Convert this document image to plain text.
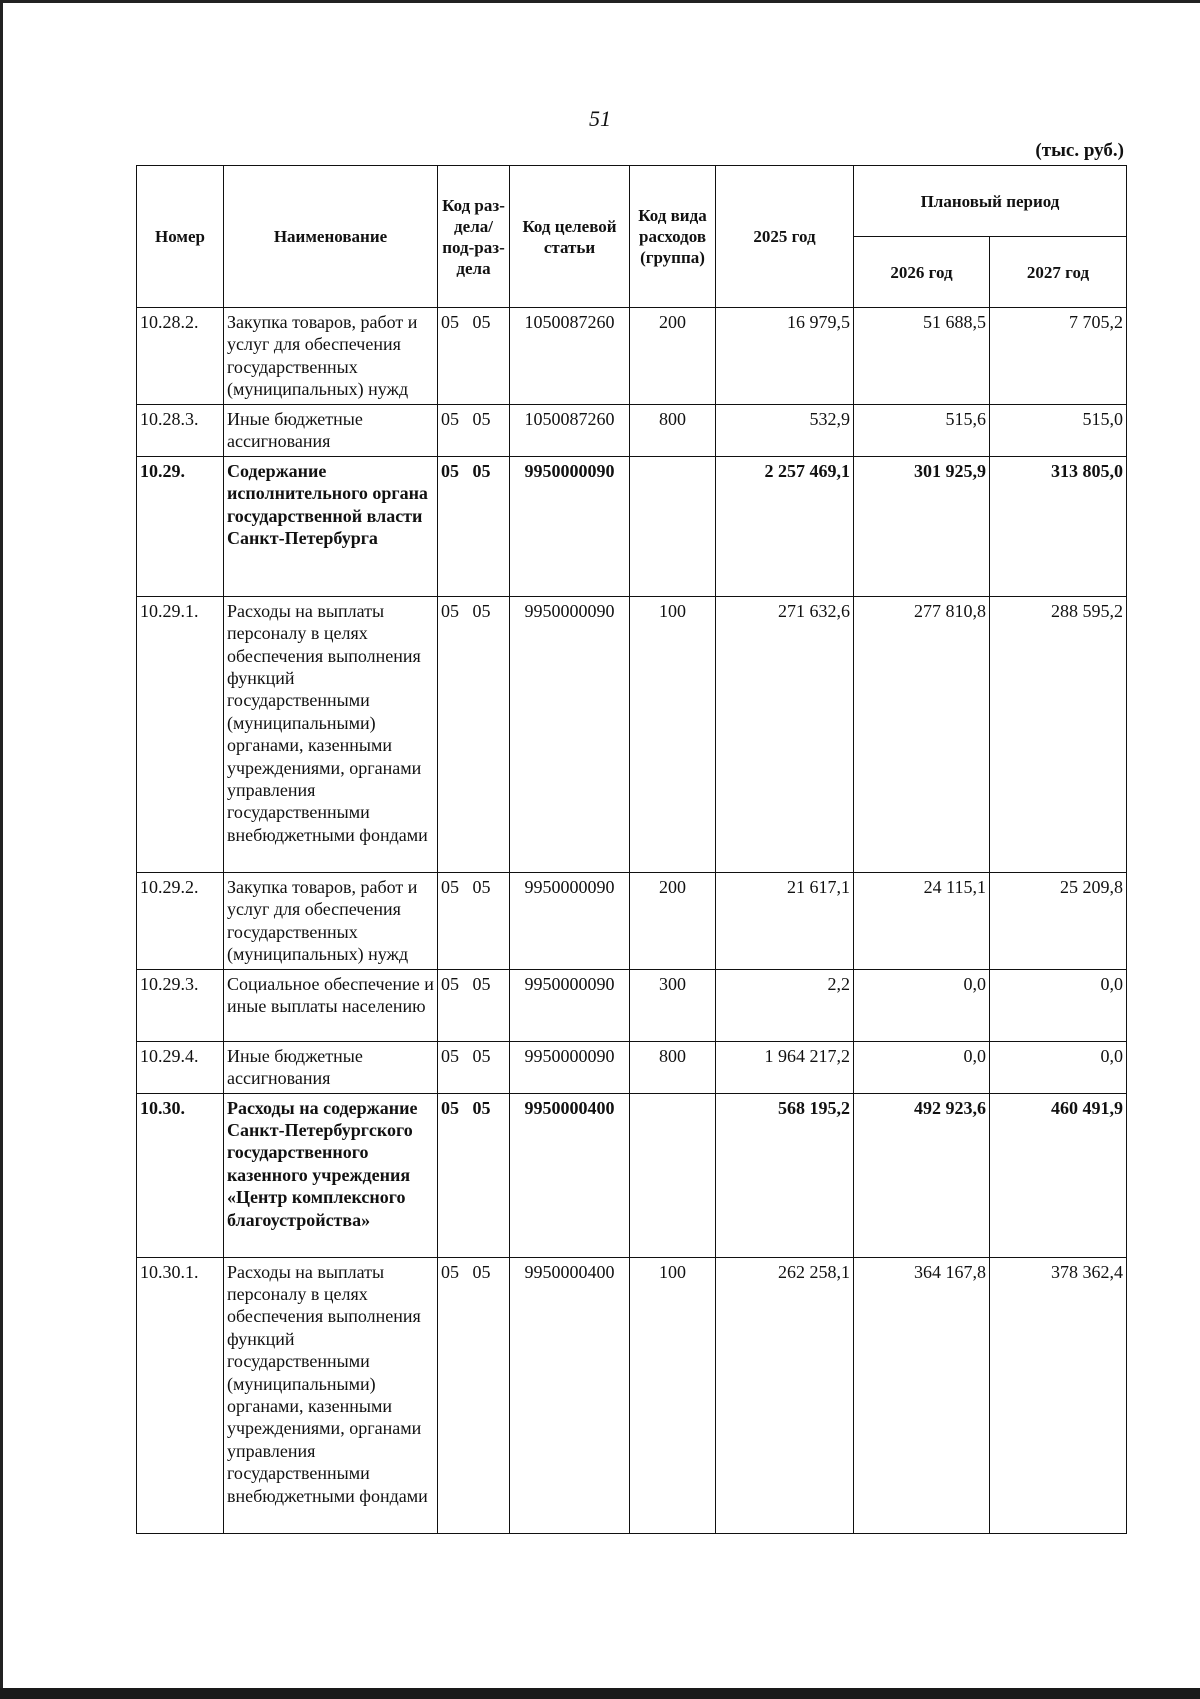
51
(тыс. руб.)
Номер	Наименование	Код раз-дела/ под-раз-дела	Код целевой статьи	Код вида расходов (группа)	2025 год	Плановый период	
						2026 год	2027 год
10.28.2.	Закупка товаров, работ и услуг для обеспечения государственных (муниципальных) нужд	05   05	1050087260	200	16 979,5	51 688,5	7 705,2
10.28.3.	Иные бюджетные ассигнования	05   05	1050087260	800	532,9	515,6	515,0
10.29.	Содержание исполнительного органа государственной власти Санкт-Петербурга	05   05	9950000090		2 257 469,1	301 925,9	313 805,0
10.29.1.	Расходы на выплаты персоналу в целях обеспечения выполнения функций государственными (муниципальными) органами, казенными учреждениями, органами управления государственными внебюджетными фондами	05   05	9950000090	100	271 632,6	277 810,8	288 595,2
10.29.2.	Закупка товаров, работ и услуг для обеспечения государственных (муниципальных) нужд	05   05	9950000090	200	21 617,1	24 115,1	25 209,8
10.29.3.	Социальное обеспечение и иные выплаты населению	05   05	9950000090	300	2,2	0,0	0,0
10.29.4.	Иные бюджетные ассигнования	05   05	9950000090	800	1 964 217,2	0,0	0,0
10.30.	Расходы на содержание Санкт-Петербургского государственного казенного учреждения «Центр комплексного благоустройства»	05   05	9950000400		568 195,2	492 923,6	460 491,9
10.30.1.	Расходы на выплаты персоналу в целях обеспечения выполнения функций государственными (муниципальными) органами, казенными учреждениями, органами управления государственными внебюджетными фондами	05   05	9950000400	100	262 258,1	364 167,8	378 362,4
